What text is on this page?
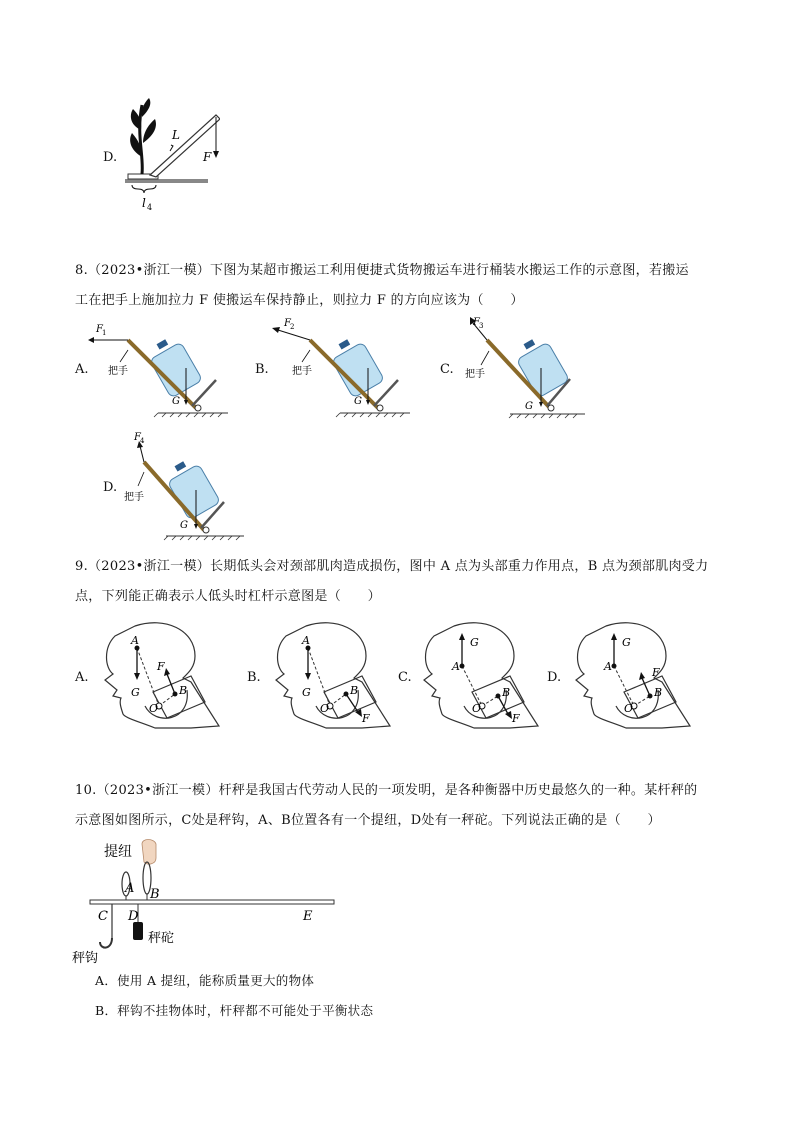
D.
L
F
l 4
8.（2023•浙江一模）下图为某超市搬运工利用便捷式货物搬运车进行桶装水搬运工作的示意图，若搬运
工在把手上施加拉力 F 使搬运车保持静止，则拉力 F 的方向应该为（　　）
A.
F 1
把手
G
B.
F 2
把手
G
C.
F 3
把手
G
D.
F 4
把手
G
9.（2023•浙江一模）长期低头会对颈部肌肉造成损伤，图中 A 点为头部重力作用点，B 点为颈部肌肉受力
点，下列能正确表示人低头时杠杆示意图是（　　）
A.
A
B
O
G
F
B.
A
B
O
G
F
C.
A
B
O
G
F
D.
A
B
O
G
F
10.（2023•浙江一模）杆秤是我国古代劳动人民的一项发明，是各种衡器中历史最悠久的一种。某杆秤的
示意图如图所示，C处是秤钩，A、B位置各有一个提纽，D处有一秤砣。下列说法正确的是（　　）
提纽
A B
C D	E
秤钩
秤砣
A．使用 A 提纽，能称质量更大的物体
B．秤钩不挂物体时，杆秤都不可能处于平衡状态
